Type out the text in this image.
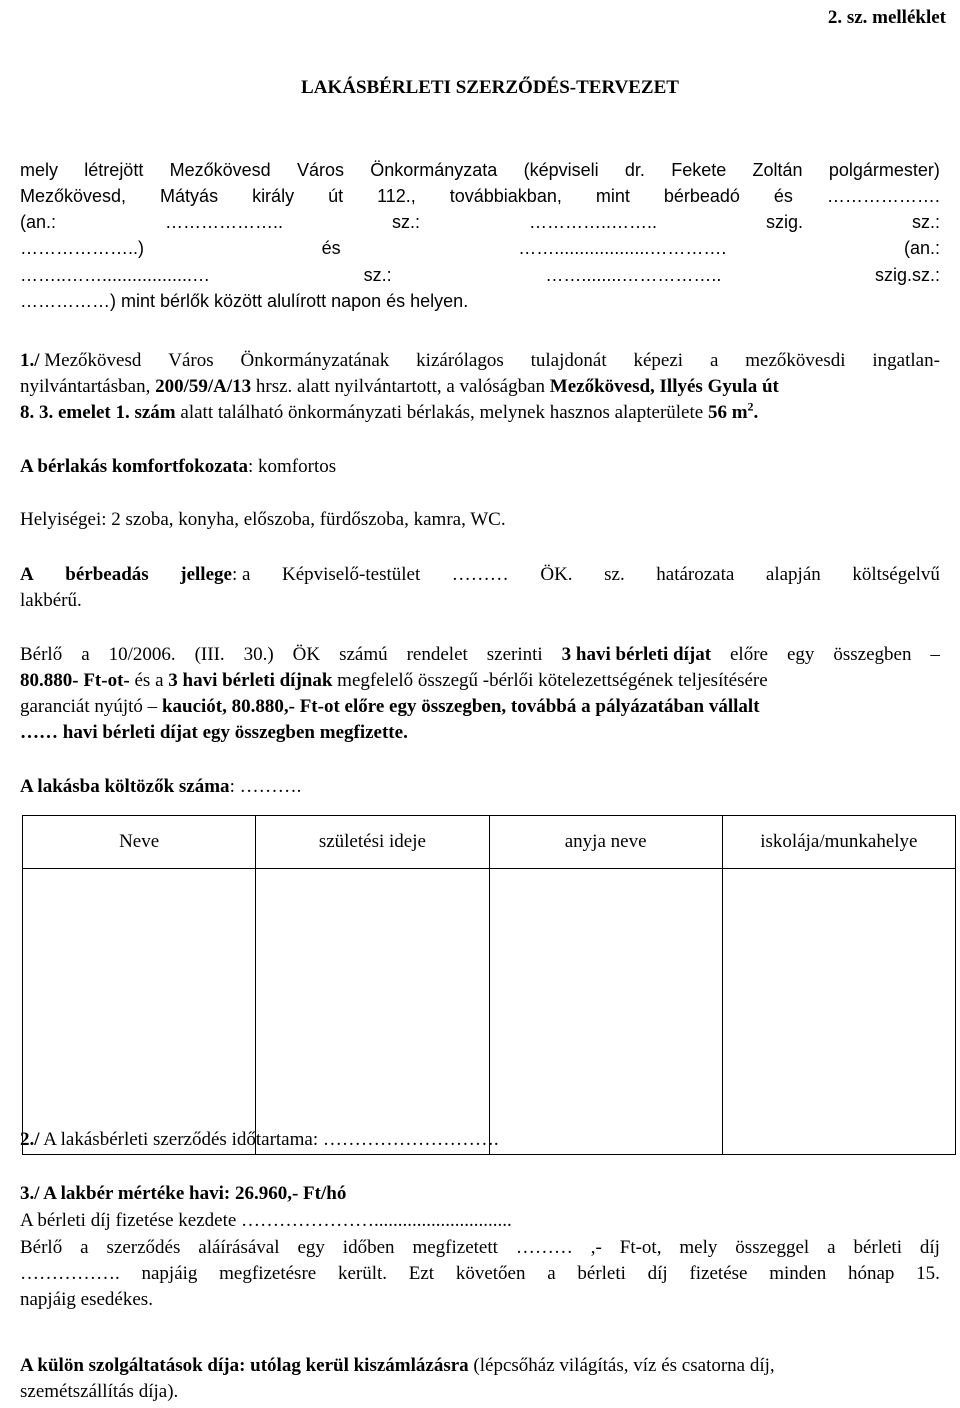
2. sz. melléklet
LAKÁSBÉRLETI SZERZŐDÉS-TERVEZET
mely létrejött Mezőkövesd Város Önkormányzata (képviseli dr. Fekete Zoltán polgármester)
Mezőkövesd, Mátyás király út 112., továbbiakban, mint bérbeadó és ……………….
(an.:	………………..	sz.:	…………..……..	szig.	sz.:
………………..)	és	……...................………….	(an.:
……..……..................…	sz.:	……........……………..	szig.sz.:
……………) mint bérlők között alulírott napon és helyen.
1./ Mezőkövesd Város Önkormányzatának kizárólagos tulajdonát képezi a mezőkövesdi ingatlan-
nyilvántartásban, 200/59/A/13 hrsz. alatt nyilvántartott, a valóságban Mezőkövesd, Illyés Gyula út
8. 3. emelet 1. szám alatt található önkormányzati bérlakás, melynek hasznos alapterülete 56 $m^2$.
A bérlakás komfortfokozata: komfortos
Helyiségei: 2 szoba, konyha, előszoba, fürdőszoba, kamra, WC.
A bérbeadás jellege: a Képviselő-testület ……… ÖK. sz. határozata alapján költségelvű
lakbérű.
Bérlő a 10/2006. (III. 30.) ÖK számú rendelet szerinti 3 havi bérleti díjat előre egy összegben –
80.880- Ft-ot- és a 3 havi bérleti díjnak megfelelő összegű -bérlői kötelezettségének teljesítésére
garanciát nyújtó – kauciót, 80.880,- Ft-ot előre egy összegben, továbbá a pályázatában vállalt
…… havi bérleti díjat egy összegben megfizette.
A lakásba költözők száma: ……….
Neve	születési ideje	anyja neve	iskolája/munkahelye

2./ A lakásbérleti szerződés időtartama: ……………………….
3./ A lakbér mértéke havi: 26.960,- Ft/hó
A bérleti díj fizetése kezdete ………………….............................
Bérlő a szerződés aláírásával egy időben megfizetett ……… ,- Ft-ot, mely összeggel a bérleti díj
……………. napjáig megfizetésre került. Ezt követően a bérleti díj fizetése minden hónap 15.
napjáig esedékes.
A külön szolgáltatások díja: utólag kerül kiszámlázásra (lépcsőház világítás, víz és csatorna díj,
szemétszállítás díja).
